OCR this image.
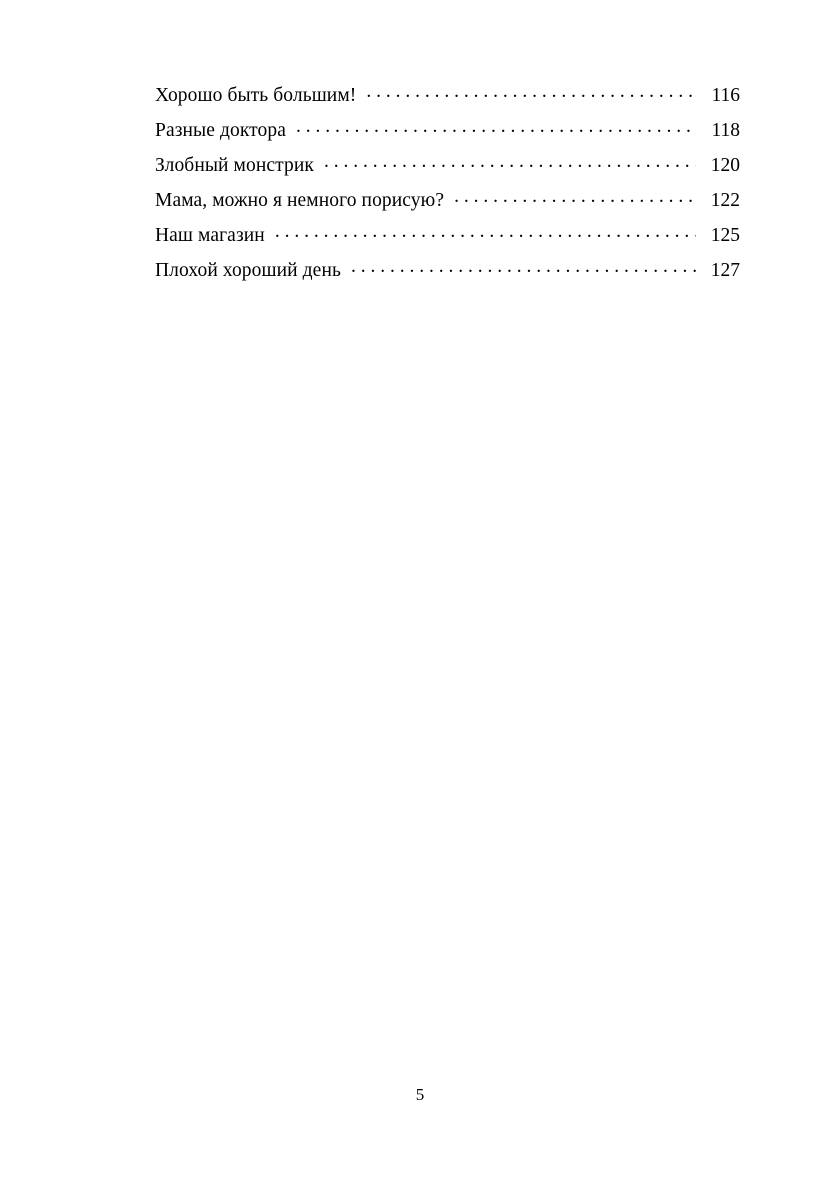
Хорошо быть большим! . . .	116
Разные доктора . . .	118
Злобный монстрик . . .	120
Мама, можно я немного порисую? . . .	122
Наш магазин . . .	125
Плохой хороший день . . .	127
5
